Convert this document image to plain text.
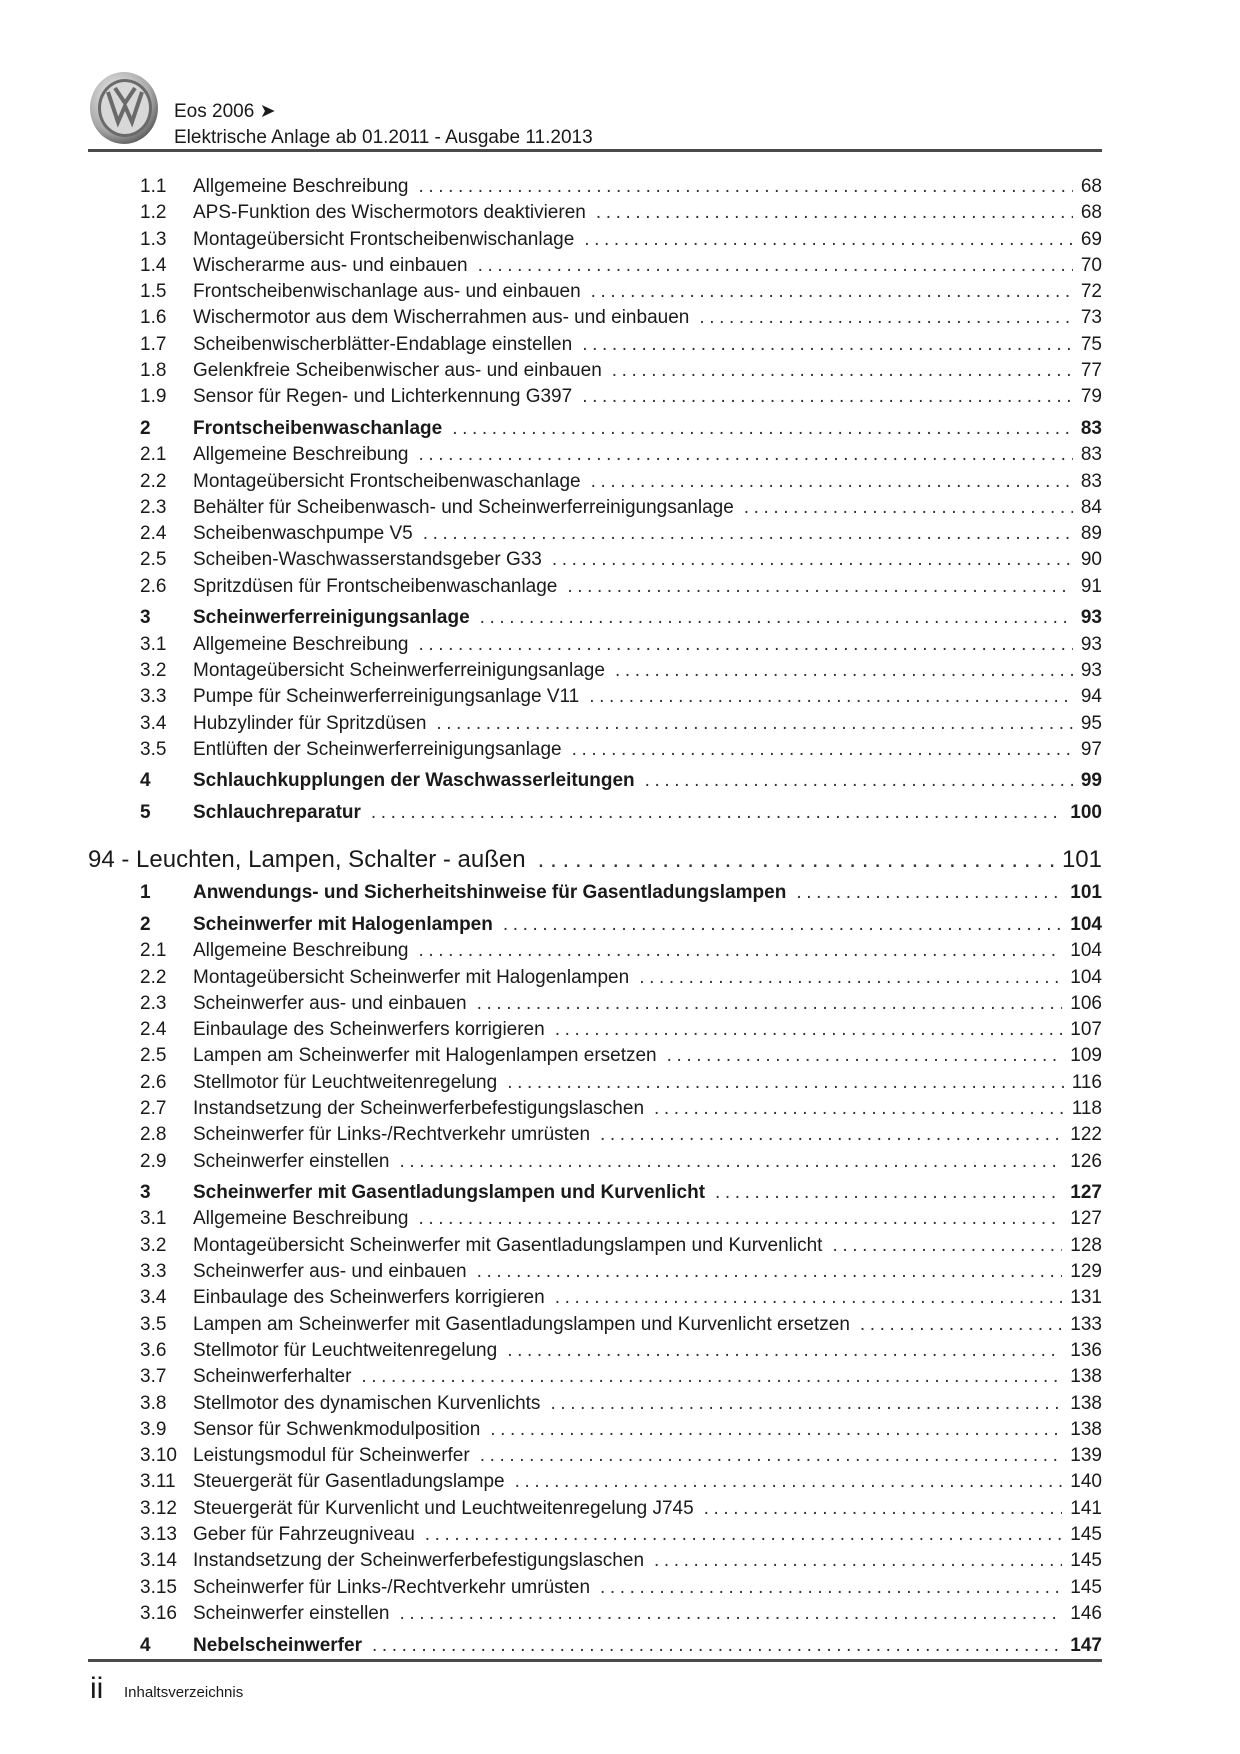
Eos 2006 ➤
Elektrische Anlage ab 01.2011 - Ausgabe 11.2013
1.1	Allgemeine Beschreibung .....	68
1.2	APS-Funktion des Wischermotors deaktivieren .....	68
1.3	Montageübersicht Frontscheibenwischanlage .....	69
1.4	Wischerarme aus- und einbauen .....	70
1.5	Frontscheibenwischanlage aus- und einbauen .....	72
1.6	Wischermotor aus dem Wischerrahmen aus- und einbauen .....	73
1.7	Scheibenwischerblätter-Endablage einstellen .....	75
1.8	Gelenkfreie Scheibenwischer aus- und einbauen .....	77
1.9	Sensor für Regen- und Lichterkennung G397 .....	79
2	Frontscheibenwaschanlage .....	83
2.1	Allgemeine Beschreibung .....	83
2.2	Montageübersicht Frontscheibenwaschanlage .....	83
2.3	Behälter für Scheibenwasch- und Scheinwerferreinigungsanlage .....	84
2.4	Scheibenwaschpumpe V5 .....	89
2.5	Scheiben-Waschwasserstandsgeber G33 .....	90
2.6	Spritzdüsen für Frontscheibenwaschanlage .....	91
3	Scheinwerferreinigungsanlage .....	93
3.1	Allgemeine Beschreibung .....	93
3.2	Montageübersicht Scheinwerferreinigungsanlage .....	93
3.3	Pumpe für Scheinwerferreinigungsanlage V11 .....	94
3.4	Hubzylinder für Spritzdüsen .....	95
3.5	Entlüften der Scheinwerferreinigungsanlage .....	97
4	Schlauchkupplungen der Waschwasserleitungen .....	99
5	Schlauchreparatur .....	100
94 - Leuchten, Lampen, Schalter - außen .....	101
1	Anwendungs- und Sicherheitshinweise für Gasentladungslampen .....	101
2	Scheinwerfer mit Halogenlampen .....	104
2.1	Allgemeine Beschreibung .....	104
2.2	Montageübersicht Scheinwerfer mit Halogenlampen .....	104
2.3	Scheinwerfer aus- und einbauen .....	106
2.4	Einbaulage des Scheinwerfers korrigieren .....	107
2.5	Lampen am Scheinwerfer mit Halogenlampen ersetzen .....	109
2.6	Stellmotor für Leuchtweitenregelung .....	116
2.7	Instandsetzung der Scheinwerferbefestigungslaschen .....	118
2.8	Scheinwerfer für Links-/Rechtverkehr umrüsten .....	122
2.9	Scheinwerfer einstellen .....	126
3	Scheinwerfer mit Gasentladungslampen und Kurvenlicht .....	127
3.1	Allgemeine Beschreibung .....	127
3.2	Montageübersicht Scheinwerfer mit Gasentladungslampen und Kurvenlicht .....	128
3.3	Scheinwerfer aus- und einbauen .....	129
3.4	Einbaulage des Scheinwerfers korrigieren .....	131
3.5	Lampen am Scheinwerfer mit Gasentladungslampen und Kurvenlicht ersetzen .....	133
3.6	Stellmotor für Leuchtweitenregelung .....	136
3.7	Scheinwerferhalter .....	138
3.8	Stellmotor des dynamischen Kurvenlichts .....	138
3.9	Sensor für Schwenkmodulposition .....	138
3.10 Leistungsmodul für Scheinwerfer .....	139
3.11 Steuergerät für Gasentladungslampe .....	140
3.12 Steuergerät für Kurvenlicht und Leuchtweitenregelung J745 .....	141
3.13 Geber für Fahrzeugniveau .....	145
3.14 Instandsetzung der Scheinwerferbefestigungslaschen .....	145
3.15 Scheinwerfer für Links-/Rechtverkehr umrüsten .....	145
3.16 Scheinwerfer einstellen .....	146
4	Nebelscheinwerfer .....	147
ii Inhaltsverzeichnis
